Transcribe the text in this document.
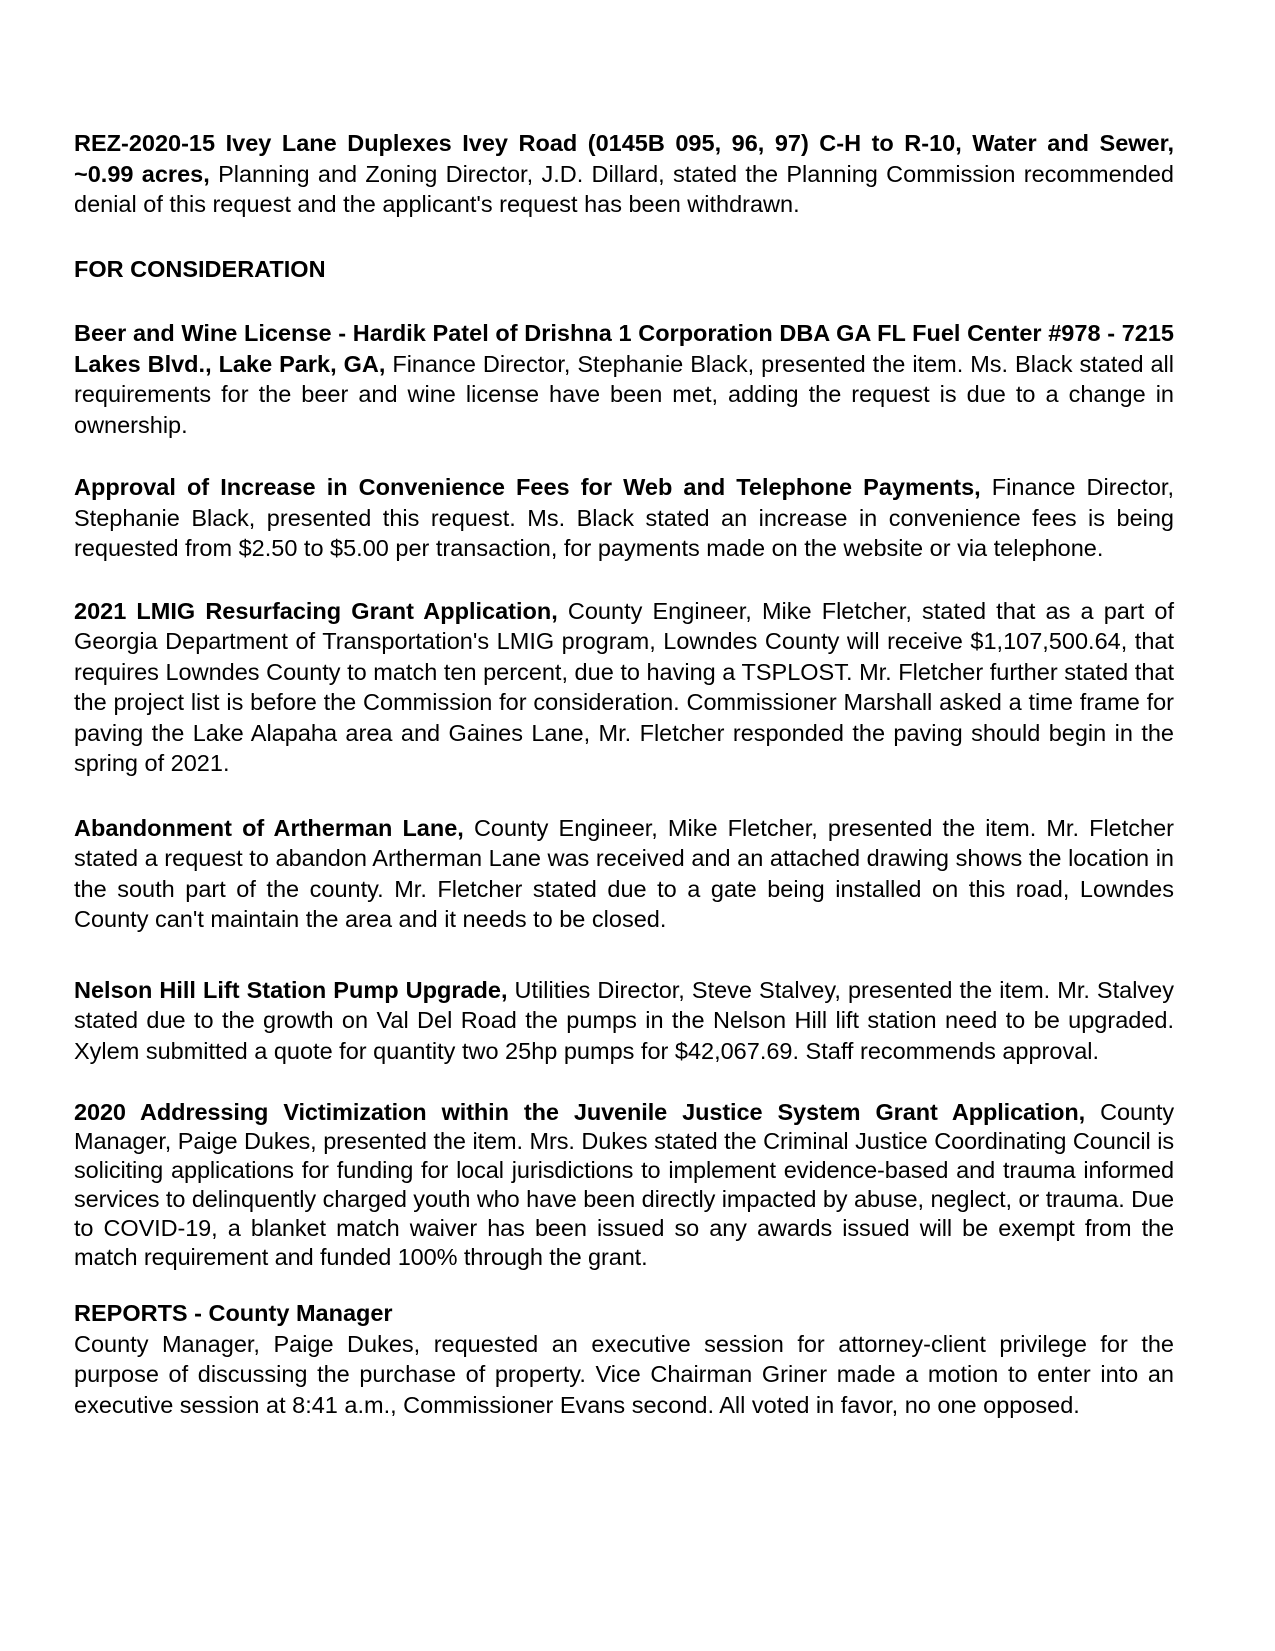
REZ-2020-15 Ivey Lane Duplexes Ivey Road (0145B 095, 96, 97) C-H to R-10, Water and Sewer, ~0.99 acres, Planning and Zoning Director, J.D. Dillard, stated the Planning Commission recommended denial of this request and the applicant's request has been withdrawn.

FOR CONSIDERATION

Beer and Wine License - Hardik Patel of Drishna 1 Corporation DBA GA FL Fuel Center #978 - 7215 Lakes Blvd., Lake Park, GA, Finance Director, Stephanie Black, presented the item. Ms. Black stated all requirements for the beer and wine license have been met, adding the request is due to a change in ownership.

Approval of Increase in Convenience Fees for Web and Telephone Payments, Finance Director, Stephanie Black, presented this request. Ms. Black stated an increase in convenience fees is being requested from $2.50 to $5.00 per transaction, for payments made on the website or via telephone.

2021 LMIG Resurfacing Grant Application, County Engineer, Mike Fletcher, stated that as a part of Georgia Department of Transportation's LMIG program, Lowndes County will receive $1,107,500.64, that requires Lowndes County to match ten percent, due to having a TSPLOST. Mr. Fletcher further stated that the project list is before the Commission for consideration. Commissioner Marshall asked a time frame for paving the Lake Alapaha area and Gaines Lane, Mr. Fletcher responded the paving should begin in the spring of 2021.

Abandonment of Artherman Lane, County Engineer, Mike Fletcher, presented the item. Mr. Fletcher stated a request to abandon Artherman Lane was received and an attached drawing shows the location in the south part of the county. Mr. Fletcher stated due to a gate being installed on this road, Lowndes County can't maintain the area and it needs to be closed.

Nelson Hill Lift Station Pump Upgrade, Utilities Director, Steve Stalvey, presented the item. Mr. Stalvey stated due to the growth on Val Del Road the pumps in the Nelson Hill lift station need to be upgraded. Xylem submitted a quote for quantity two 25hp pumps for $42,067.69. Staff recommends approval.

2020 Addressing Victimization within the Juvenile Justice System Grant Application, County Manager, Paige Dukes, presented the item. Mrs. Dukes stated the Criminal Justice Coordinating Council is soliciting applications for funding for local jurisdictions to implement evidence-based and trauma informed services to delinquently charged youth who have been directly impacted by abuse, neglect, or trauma. Due to COVID-19, a blanket match waiver has been issued so any awards issued will be exempt from the match requirement and funded 100% through the grant.

REPORTS - County Manager

County Manager, Paige Dukes, requested an executive session for attorney-client privilege for the purpose of discussing the purchase of property. Vice Chairman Griner made a motion to enter into an executive session at 8:41 a.m., Commissioner Evans second. All voted in favor, no one opposed.
